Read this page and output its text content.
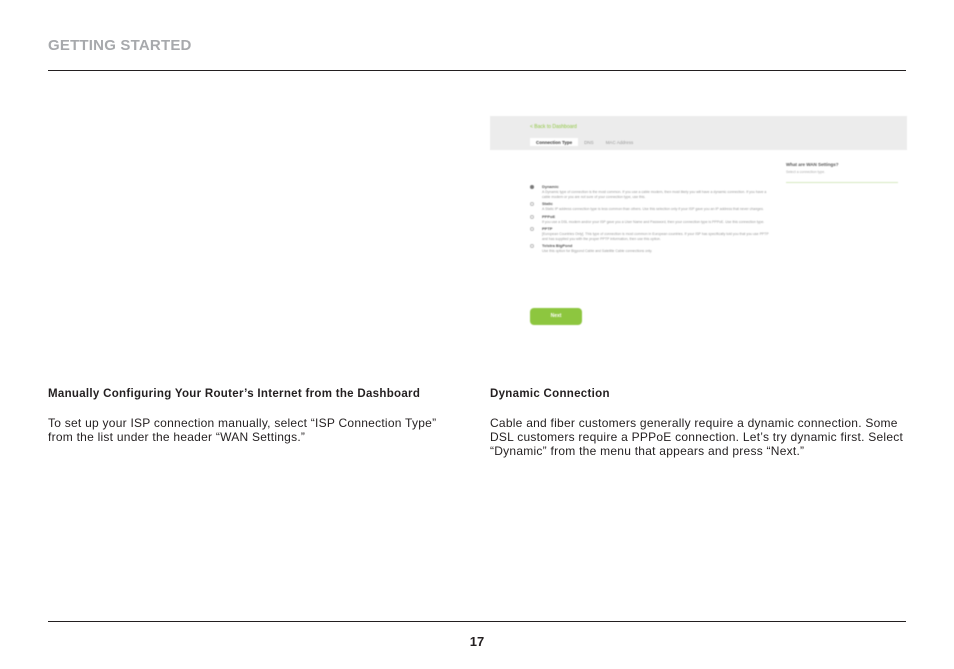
GETTING STARTED
< Back to Dashboard
Connection Type	DNS	MAC Address
What are WAN Settings?
Select a connection type.
Dynamic
A Dynamic type of connection is the most common. If you use a cable modem, then most likely you will have a dynamic connection. If you have a cable modem or you are not sure of your connection type, use this.
Static
A Static IP address connection type is less common than others. Use this selection only if your ISP gave you an IP address that never changes.
PPPoE
If you use a DSL modem and/or your ISP gave you a User Name and Password, then your connection type is PPPoE. Use this connection type.
PPTP
[European Countries Only]. This type of connection is most common in European countries. If your ISP has specifically told you that you use PPTP and has supplied you with the proper PPTP information, then use this option.
Telstra BigPond
Use this option for Bigpond Cable and Satellite Cable connections only.
Next
Manually Configuring Your Router’s Internet from the Dashboard
To set up your ISP connection manually, select “ISP Connection Type” from the list under the header “WAN Settings.”
Dynamic Connection
Cable and fiber customers generally require a dynamic connection. Some DSL customers require a PPPoE connection. Let’s try dynamic first. Select “Dynamic” from the menu that appears and press “Next.”
17
